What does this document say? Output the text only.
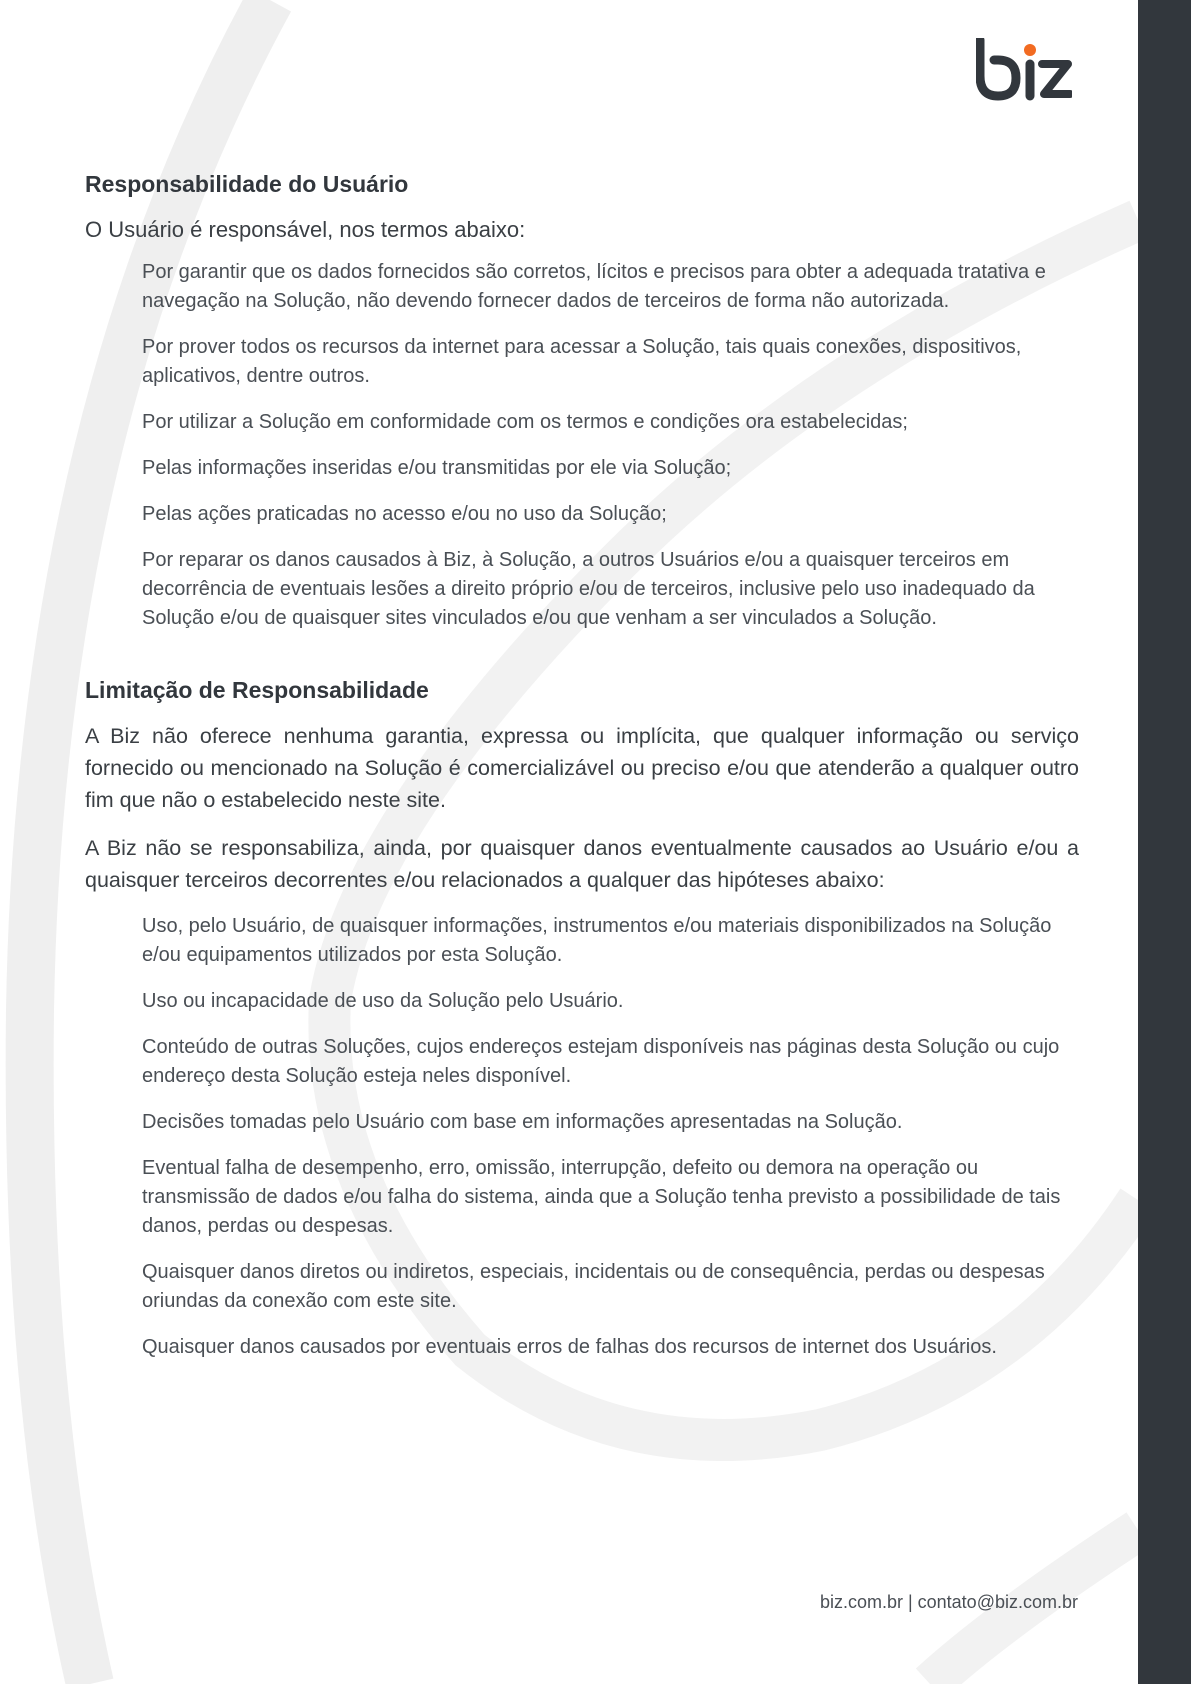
Responsabilidade do Usuário

O Usuário é responsável, nos termos abaixo:

Por garantir que os dados fornecidos são corretos, lícitos e precisos para obter a adequada tratativa e navegação na Solução, não devendo fornecer dados de terceiros de forma não autorizada.

Por prover todos os recursos da internet para acessar a Solução, tais quais conexões, dispositivos, aplicativos, dentre outros.

Por utilizar a Solução em conformidade com os termos e condições ora estabelecidas;

Pelas informações inseridas e/ou transmitidas por ele via Solução;

Pelas ações praticadas no acesso e/ou no uso da Solução;

Por reparar os danos causados à Biz, à Solução, a outros Usuários e/ou a quaisquer terceiros em decorrência de eventuais lesões a direito próprio e/ou de terceiros, inclusive pelo uso inadequado da Solução e/ou de quaisquer sites vinculados e/ou que venham a ser vinculados a Solução.

Limitação de Responsabilidade

A Biz não oferece nenhuma garantia, expressa ou implícita, que qualquer informação ou serviço fornecido ou mencionado na Solução é comercializável ou preciso e/ou que atenderão a qualquer outro fim que não o estabelecido neste site.

A Biz não se responsabiliza, ainda, por quaisquer danos eventualmente causados ao Usuário e/ou a quaisquer terceiros decorrentes e/ou relacionados a qualquer das hipóteses abaixo:

Uso, pelo Usuário, de quaisquer informações, instrumentos e/ou materiais disponibilizados na Solução e/ou equipamentos utilizados por esta Solução.

Uso ou incapacidade de uso da Solução pelo Usuário.

Conteúdo de outras Soluções, cujos endereços estejam disponíveis nas páginas desta Solução ou cujo endereço desta Solução esteja neles disponível.

Decisões tomadas pelo Usuário com base em informações apresentadas na Solução.

Eventual falha de desempenho, erro, omissão, interrupção, defeito ou demora na operação ou transmissão de dados e/ou falha do sistema, ainda que a Solução tenha previsto a possibilidade de tais danos, perdas ou despesas.

Quaisquer danos diretos ou indiretos, especiais, incidentais ou de consequência, perdas ou despesas oriundas da conexão com este site.

Quaisquer danos causados por eventuais erros de falhas dos recursos de internet dos Usuários.

biz.com.br | contato@biz.com.br
